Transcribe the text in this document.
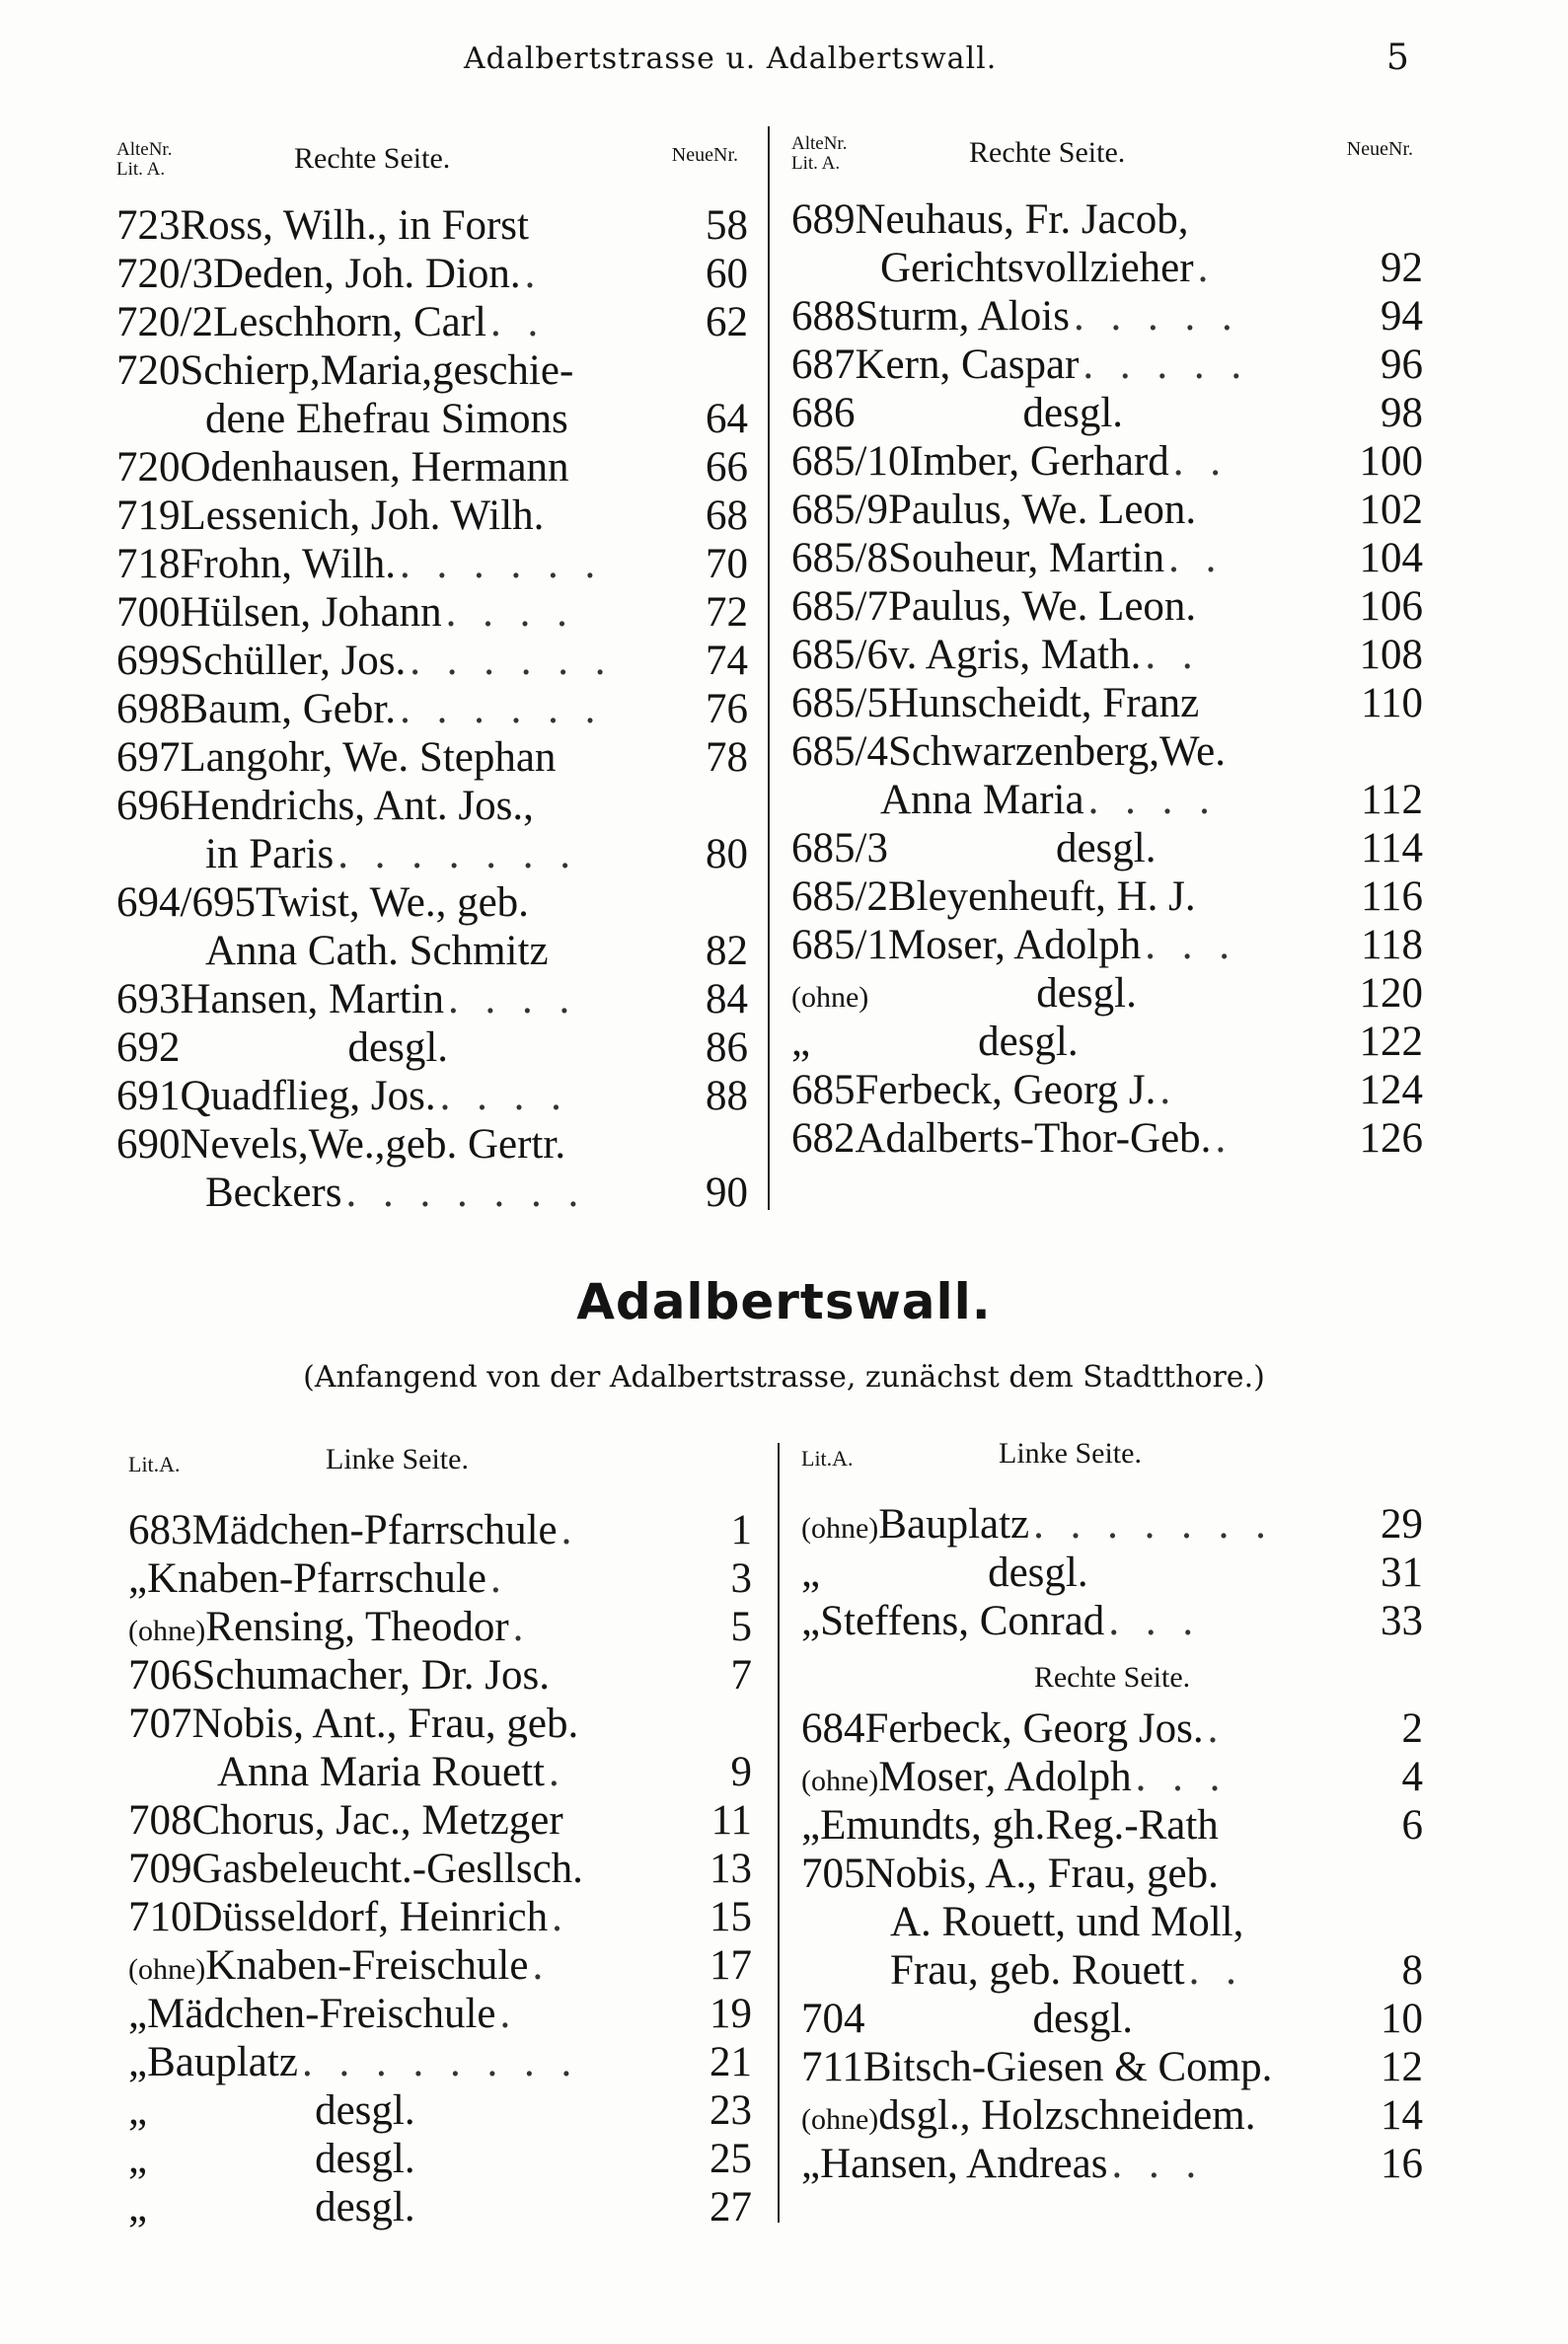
Adalbertstrasse u. Adalbertswall.	5
AlteNr.
Lit. A.	Rechte Seite.	NeueNr.
723 Ross, Wilh., in Forst	58
720/3 Deden, Joh. Dion. .	60
720/2 Leschhorn, Carl . .	62
720 Schierp,Maria,geschie-
dene Ehefrau Simons	64
720 Odenhausen, Hermann	66
719 Lessenich, Joh. Wilh.	68
718 Frohn, Wilh. . . . . . .	70
700 Hülsen, Johann . . . .	72
699 Schüller, Jos. . . . . . .	74
698 Baum, Gebr. . . . . . .	76
697 Langohr, We. Stephan	78
696 Hendrichs, Ant. Jos.,
in Paris . . . . . . .	80
694/695 Twist, We., geb.
Anna Cath. Schmitz	82
693 Hansen, Martin . . . .	84
692	desgl.	86
691 Quadflieg, Jos. . . . .	88
690 Nevels,We.,geb. Gertr.
Beckers . . . . . . .	90
AlteNr.
Lit. A.	Rechte Seite.	NeueNr.
689 Neuhaus, Fr. Jacob,
Gerichtsvollzieher .	92
688 Sturm, Alois . . . . .	94
687 Kern, Caspar . . . . .	96
686	desgl.	98
685/10 Imber, Gerhard . .	100
685/9 Paulus, We. Leon.	102
685/8 Souheur, Martin . .	104
685/7 Paulus, We. Leon.	106
685/6 v. Agris, Math. . .	108
685/5 Hunscheidt, Franz	110
685/4 Schwarzenberg,We.
Anna Maria . . . .	112
685/3	desgl.	114
685/2 Bleyenheuft, H. J.	116
685/1 Moser, Adolph . . .	118
(ohne)	desgl.	120
„	desgl.	122
685 Ferbeck, Georg J. .	124
682 Adalberts-Thor-Geb. .	126
Adalbertswall.
(Anfangend von der Adalbertstrasse, zunächst dem Stadtthore.)
Lit.A.	Linke Seite.
683 Mädchen-Pfarrschule .	1
„ Knaben-Pfarrschule .	3
(ohne) Rensing, Theodor .	5
706 Schumacher, Dr. Jos.	7
707 Nobis, Ant., Frau, geb.
Anna Maria Rouett .	9
708 Chorus, Jac., Metzger	11
709 Gasbeleucht.-Gesllsch.	13
710 Düsseldorf, Heinrich .	15
(ohne) Knaben-Freischule .	17
„ Mädchen-Freischule .	19
„ Bauplatz . . . . . . . .	21
„	desgl.	23
„	desgl.	25
„	desgl.	27
Lit.A.	Linke Seite.
(ohne) Bauplatz . . . . . . .	29
„	desgl.	31
„ Steffens, Conrad . . .	33
Rechte Seite.
684 Ferbeck, Georg Jos. .	2
(ohne) Moser, Adolph . . .	4
„ Emundts, gh.Reg.-Rath	6
705 Nobis, A., Frau, geb.
A. Rouett, und Moll,
Frau, geb. Rouett . .	8
704	desgl.	10
711 Bitsch-Giesen & Comp.	12
(ohne) dsgl., Holzschneidem.	14
„ Hansen, Andreas . . .	16
